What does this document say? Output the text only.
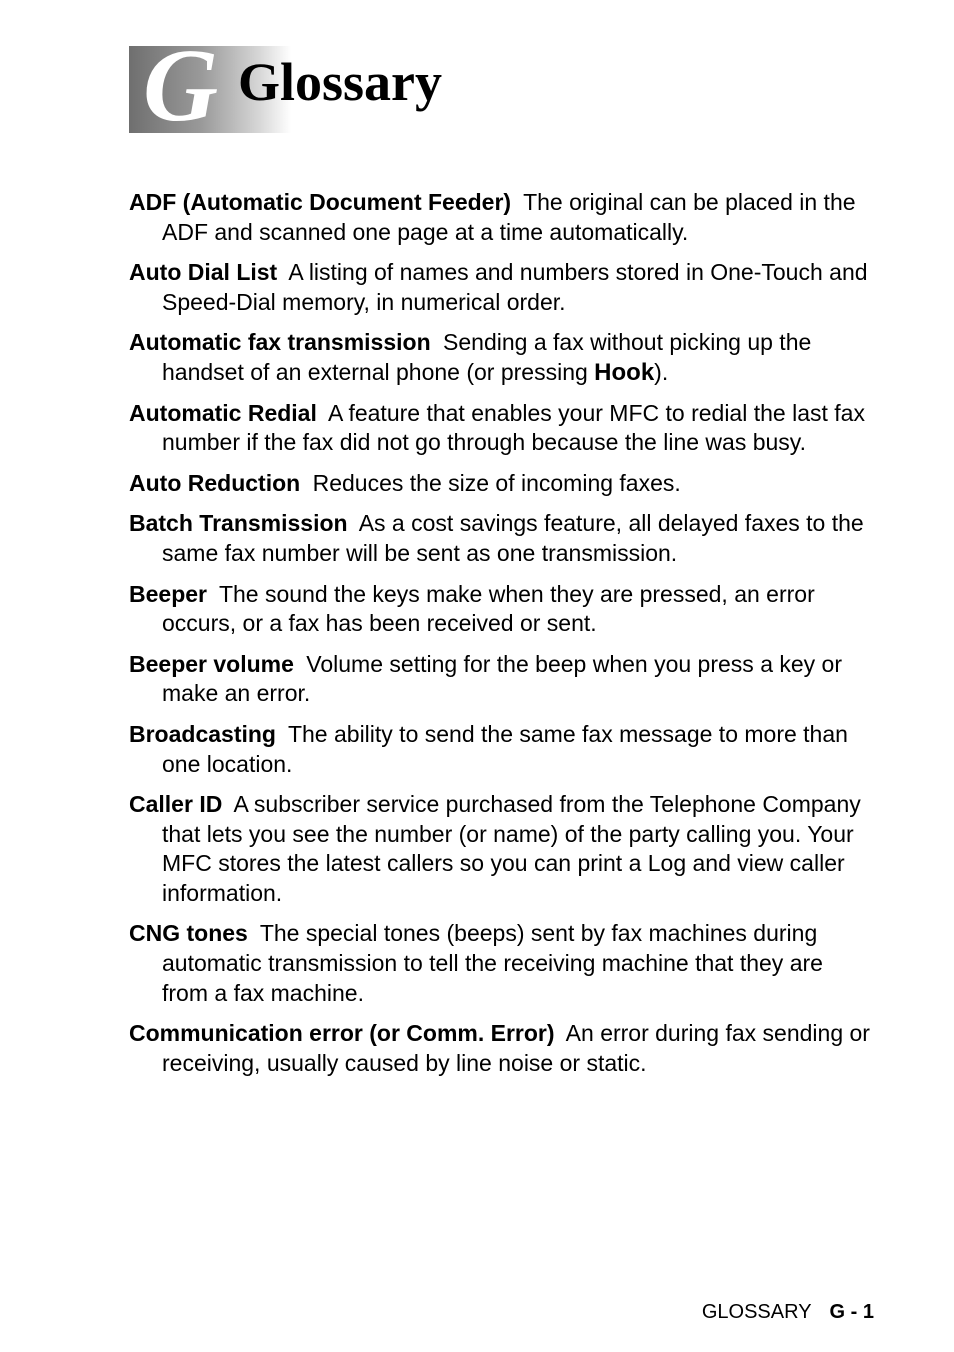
G Glossary

ADF (Automatic Document Feeder) The original can be placed in the ADF and scanned one page at a time automatically.

Auto Dial List A listing of names and numbers stored in One-Touch and Speed-Dial memory, in numerical order.

Automatic fax transmission Sending a fax without picking up the handset of an external phone (or pressing Hook).

Automatic Redial A feature that enables your MFC to redial the last fax number if the fax did not go through because the line was busy.

Auto Reduction Reduces the size of incoming faxes.

Batch Transmission As a cost savings feature, all delayed faxes to the same fax number will be sent as one transmission.

Beeper The sound the keys make when they are pressed, an error occurs, or a fax has been received or sent.

Beeper volume Volume setting for the beep when you press a key or make an error.

Broadcasting The ability to send the same fax message to more than one location.

Caller ID A subscriber service purchased from the Telephone Company that lets you see the number (or name) of the party calling you. Your MFC stores the latest callers so you can print a Log and view caller information.

CNG tones The special tones (beeps) sent by fax machines during automatic transmission to tell the receiving machine that they are from a fax machine.

Communication error (or Comm. Error) An error during fax sending or receiving, usually caused by line noise or static.

GLOSSARY G - 1
